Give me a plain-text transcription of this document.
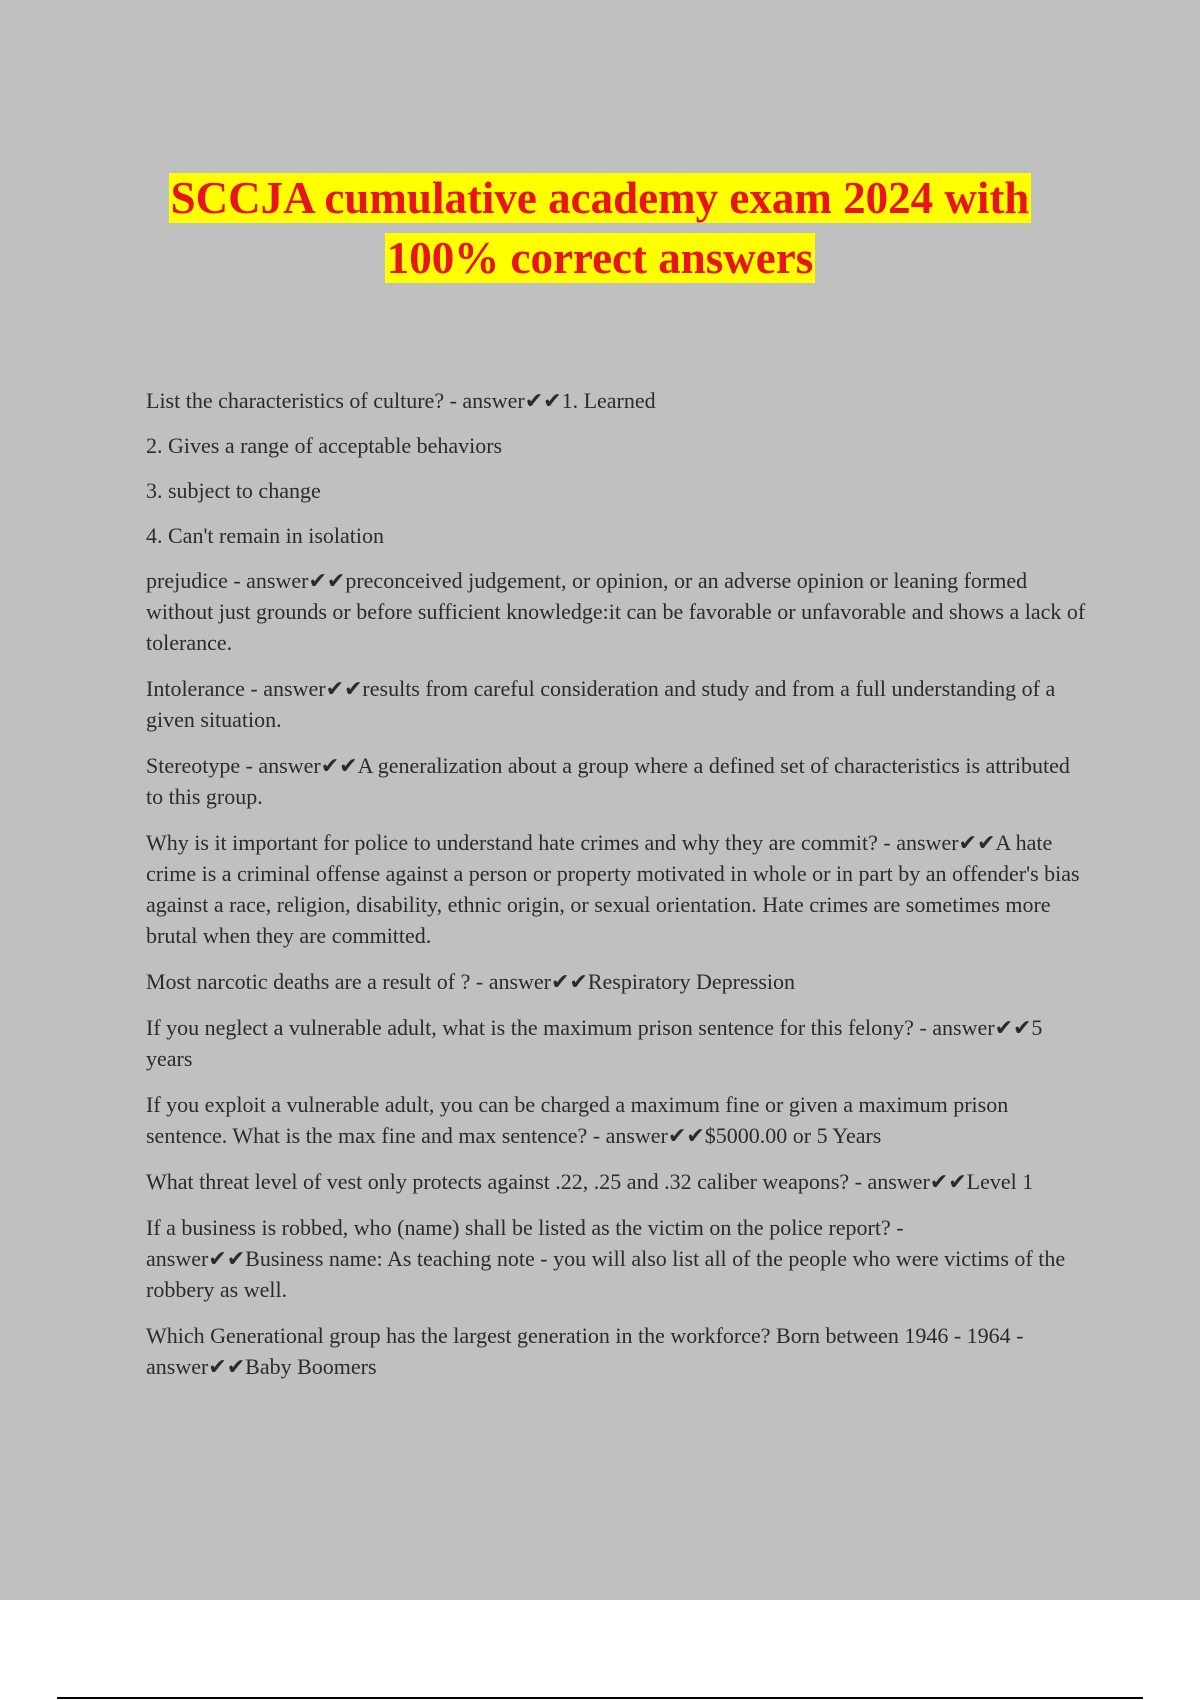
SCCJA cumulative academy exam 2024 with
100% correct answers

List the characteristics of culture? - answer✔✔1. Learned

2. Gives a range of acceptable behaviors

3. subject to change

4. Can't remain in isolation

prejudice - answer✔✔preconceived judgement, or opinion, or an adverse opinion or leaning formed without just grounds or before sufficient knowledge:it can be favorable or unfavorable and shows a lack of tolerance.

Intolerance - answer✔✔results from careful consideration and study and from a full understanding of a given situation.

Stereotype - answer✔✔A generalization about a group where a defined set of characteristics is attributed to this group.

Why is it important for police to understand hate crimes and why they are commit? - answer✔✔A hate crime is a criminal offense against a person or property motivated in whole or in part by an offender's bias against a race, religion, disability, ethnic origin, or sexual orientation. Hate crimes are sometimes more brutal when they are committed.

Most narcotic deaths are a result of ? - answer✔✔Respiratory Depression

If you neglect a vulnerable adult, what is the maximum prison sentence for this felony? - answer✔✔5 years

If you exploit a vulnerable adult, you can be charged a maximum fine or given a maximum prison sentence. What is the max fine and max sentence? - answer✔✔$5000.00 or 5 Years

What threat level of vest only protects against .22, .25 and .32 caliber weapons? - answer✔✔Level 1

If a business is robbed, who (name) shall be listed as the victim on the police report? - answer✔✔Business name: As teaching note - you will also list all of the people who were victims of the robbery as well.

Which Generational group has the largest generation in the workforce? Born between 1946 - 1964 - answer✔✔Baby Boomers
